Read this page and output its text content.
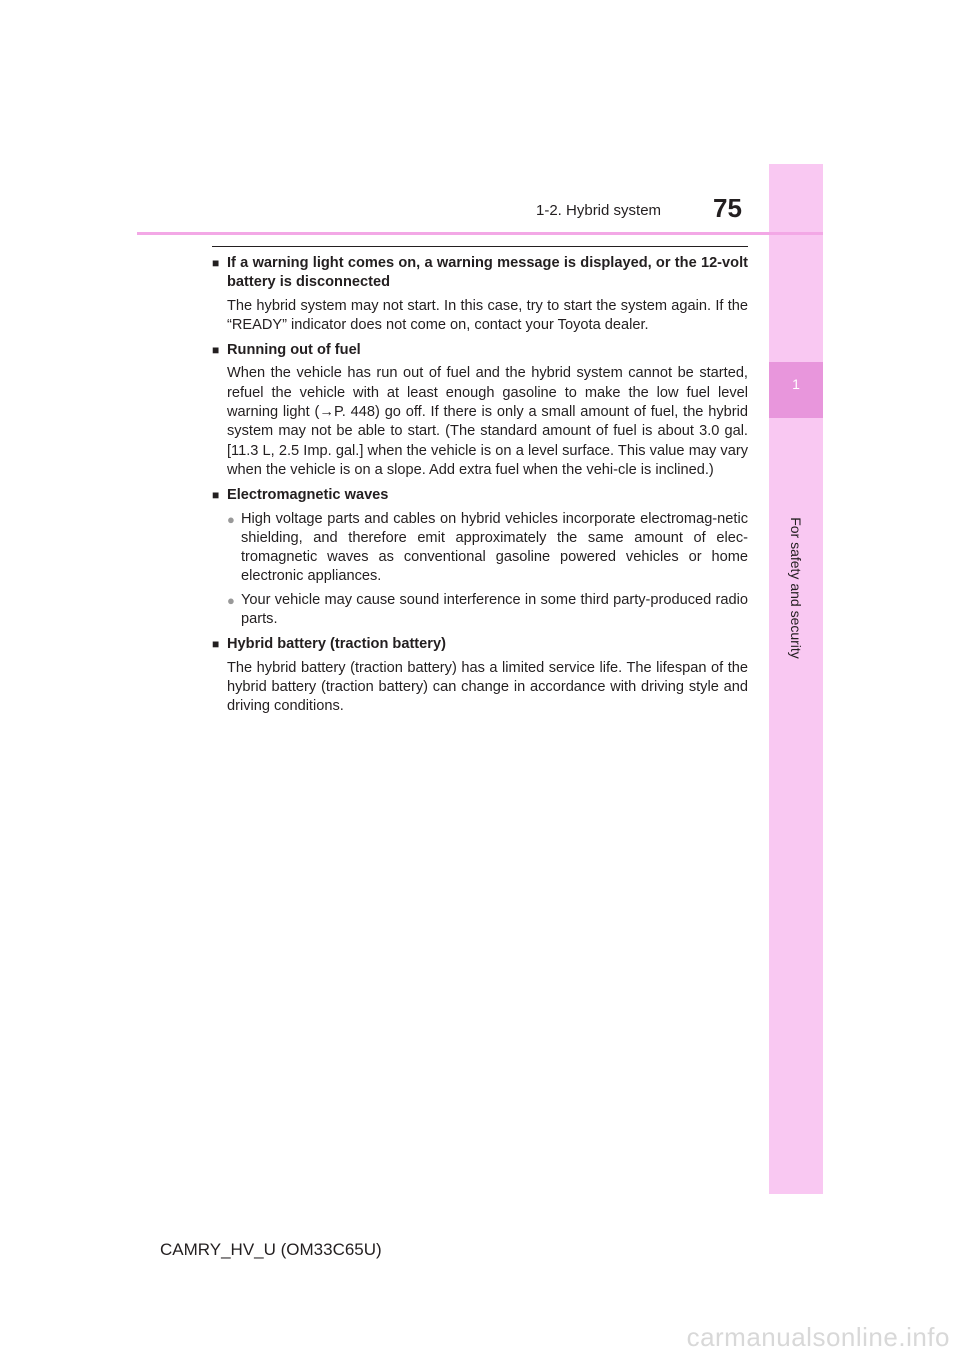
1
For safety and security
1-2. Hybrid system 75
■ If a warning light comes on, a warning message is displayed, or the 12-volt battery is disconnected
The hybrid system may not start. In this case, try to start the system again. If the “READY” indicator does not come on, contact your Toyota dealer.
■ Running out of fuel
When the vehicle has run out of fuel and the hybrid system cannot be started, refuel the vehicle with at least enough gasoline to make the low fuel level warning light (→P. 448) go off. If there is only a small amount of fuel, the hybrid system may not be able to start. (The standard amount of fuel is about 3.0 gal. [11.3 L, 2.5 Imp. gal.] when the vehicle is on a level surface. This value may vary when the vehicle is on a slope. Add extra fuel when the vehi-cle is inclined.)
■ Electromagnetic waves
● High voltage parts and cables on hybrid vehicles incorporate electromag-netic shielding, and therefore emit approximately the same amount of elec-tromagnetic waves as conventional gasoline powered vehicles or home electronic appliances.
● Your vehicle may cause sound interference in some third party-produced radio parts.
■ Hybrid battery (traction battery)
The hybrid battery (traction battery) has a limited service life. The lifespan of the hybrid battery (traction battery) can change in accordance with driving style and driving conditions.
CAMRY_HV_U (OM33C65U)
carmanualsonline.info
